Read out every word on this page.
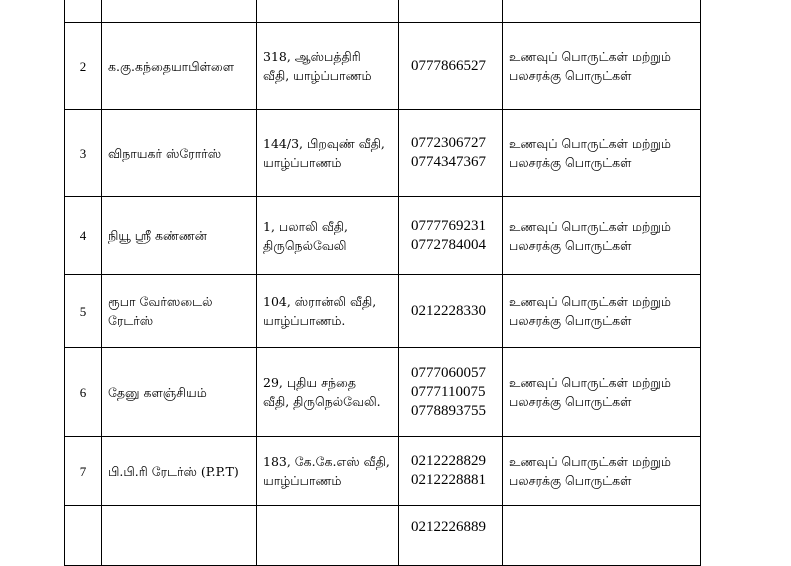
2	க.கு.கந்தையாபிள்ளை	318, ஆஸ்பத்திரி
வீதி, யாழ்ப்பாணம்	0777866527	உணவுப் பொருட்கள் மற்றும்
பலசரக்கு பொருட்கள்

3	விநாயகர் ஸ்ரோர்ஸ்	144/3, பிறவுண் வீதி,
யாழ்ப்பாணம்	0772306727
0774347367	உணவுப் பொருட்கள் மற்றும்
பலசரக்கு பொருட்கள்

4	நியூ ஸ்ரீ கண்ணன்	1, பலாலி வீதி,
திருநெல்வேலி	0777769231
0772784004	உணவுப் பொருட்கள் மற்றும்
பலசரக்கு பொருட்கள்

5	ரூபா வேர்ஸடைல்
ரேடர்ஸ்	104, ஸ்ரான்லி வீதி,
யாழ்ப்பாணம்.	0212228330	உணவுப் பொருட்கள் மற்றும்
பலசரக்கு பொருட்கள்

6	தேனு களஞ்சியம்	29, புதிய சந்தை
வீதி, திருநெல்வேலி.	0777060057
0777110075
0778893755	உணவுப் பொருட்கள் மற்றும்
பலசரக்கு பொருட்கள்

7	பி.பி.ரி ரேடர்ஸ் (P.P.T)	183, கே.கே.எஸ் வீதி,
யாழ்ப்பாணம்	0212228829
0212228881	உணவுப் பொருட்கள் மற்றும்
பலசரக்கு பொருட்கள்

			0212226889	
